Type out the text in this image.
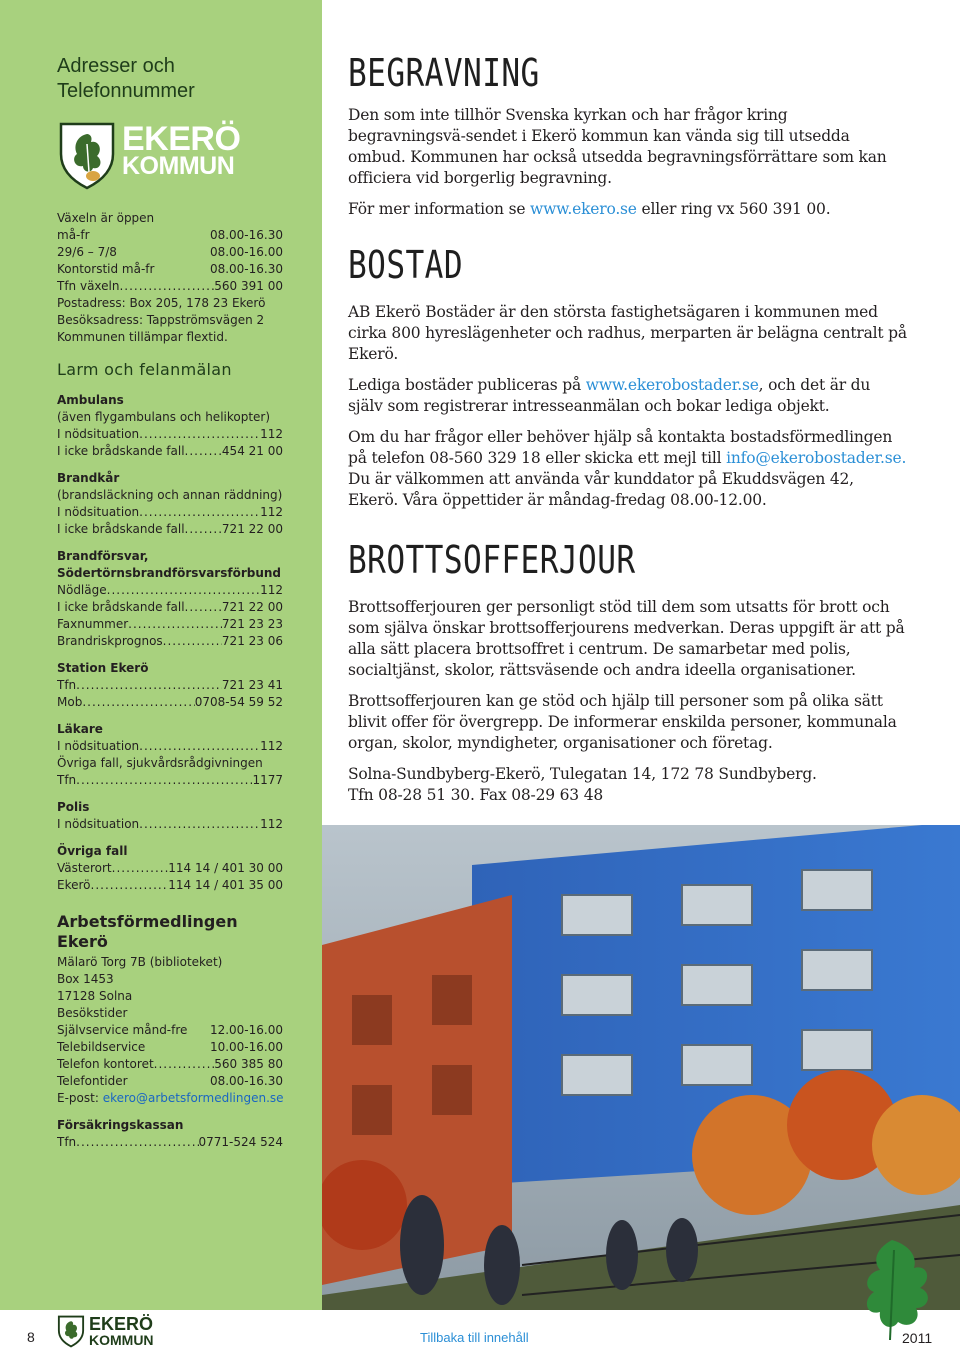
Adresser och Telefonnummer
EKERÖ
KOMMUN
Växeln är öppen
må-fr	08.00-16.30
29/6 – 7/8	08.00-16.00
Kontorstid må-fr	08.00-16.30
Tfn växeln .....	560 391 00
Postadress: Box 205, 178 23 Ekerö
Besöksadress: Tappströmsvägen 2
Kommunen tillämpar flextid.
Larm och felanmälan
Ambulans
(även flygambulans och helikopter)
I nödsituation .....	112
I icke brådskande fall .....	454 21 00
Brandkår
(brandsläckning och annan räddning)
I nödsituation .....	112
I icke brådskande fall .....	721 22 00
Brandförsvar,
Södertörnsbrandförsvarsförbund
Nödläge .....	112
I icke brådskande fall .....	721 22 00
Faxnummer .....	721 23 23
Brandriskprognos .....	721 23 06
Station Ekerö
Tfn .....	721 23 41
Mob .....	0708-54 59 52
Läkare
I nödsituation .....	112
Övriga fall, sjukvårdsrådgivningen
Tfn .....	1177
Polis
I nödsituation .....	112
Övriga fall
Västerort .....	114 14 / 401 30 00
Ekerö .....	114 14 / 401 35 00
Arbetsförmedlingen Ekerö
Mälarö Torg 7B (biblioteket)
Box 1453
17128 Solna
Besökstider
Självservice månd-fre 12.00-16.00
Telebildservice	10.00-16.00
Telefon kontoret .....	560 385 80
Telefontider	08.00-16.30
E-post: ekero@arbetsformedlingen.se
Försäkringskassan
Tfn .....	0771-524 524
BEGRAVNING

Den som inte tillhör Svenska kyrkan och har frågor kring begravningsvä-sendet i Ekerö kommun kan vända sig till utsedda ombud. Kommunen har också utsedda begravningsförrättare som kan officiera vid borgerlig begravning.

För mer information se www.ekero.se eller ring vx 560 391 00.

BOSTAD

AB Ekerö Bostäder är den största fastighetsägaren i kommunen med cirka 800 hyreslägenheter och radhus, merparten är belägna centralt på Ekerö.

Lediga bostäder publiceras på www.ekerobostader.se, och det är du själv som registrerar intresseanmälan och bokar lediga objekt.

Om du har frågor eller behöver hjälp så kontakta bostadsförmedlingen på telefon 08-560 329 18 eller skicka ett mejl till info@ekerobostader.se. Du är välkommen att använda vår kunddator på Ekuddsvägen 42, Ekerö. Våra öppettider är måndag-fredag 08.00-12.00.

BROTTSOFFERJOUR

Brottsofferjouren ger personligt stöd till dem som utsatts för brott och som själva önskar brottsofferjourens medverkan. Deras uppgift är att på alla sätt placera brottsoffret i centrum. De samarbetar med polis, socialtjänst, skolor, rättsväsende och andra ideella organisationer.

Brottsofferjouren kan ge stöd och hjälp till personer som på olika sätt blivit offer för övergrepp. De informerar enskilda personer, kommunala organ, skolor, myndigheter, organisationer och företag.

Solna-Sundbyberg-Ekerö, Tulegatan 14, 172 78 Sundbyberg.
Tfn 08-28 51 30. Fax 08-29 63 48

8
EKERÖ
KOMMUN	Tillbaka till innehåll	2011
